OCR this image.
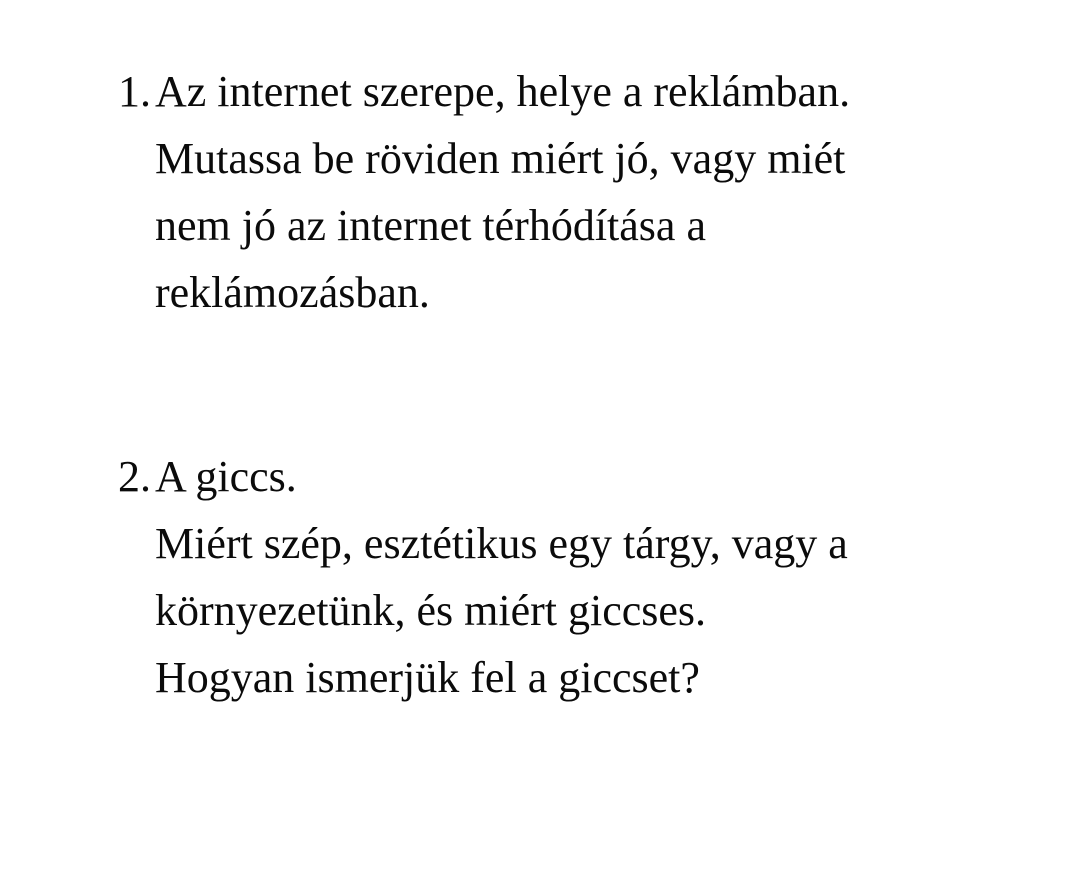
1. Az internet szerepe, helye a reklámban.
Mutassa be röviden miért jó, vagy miét
nem jó az internet térhódítása a
reklámozásban.
2. A giccs.
Miért szép, esztétikus egy tárgy, vagy a
környezetünk, és miért giccses.
Hogyan ismerjük fel a giccset?
